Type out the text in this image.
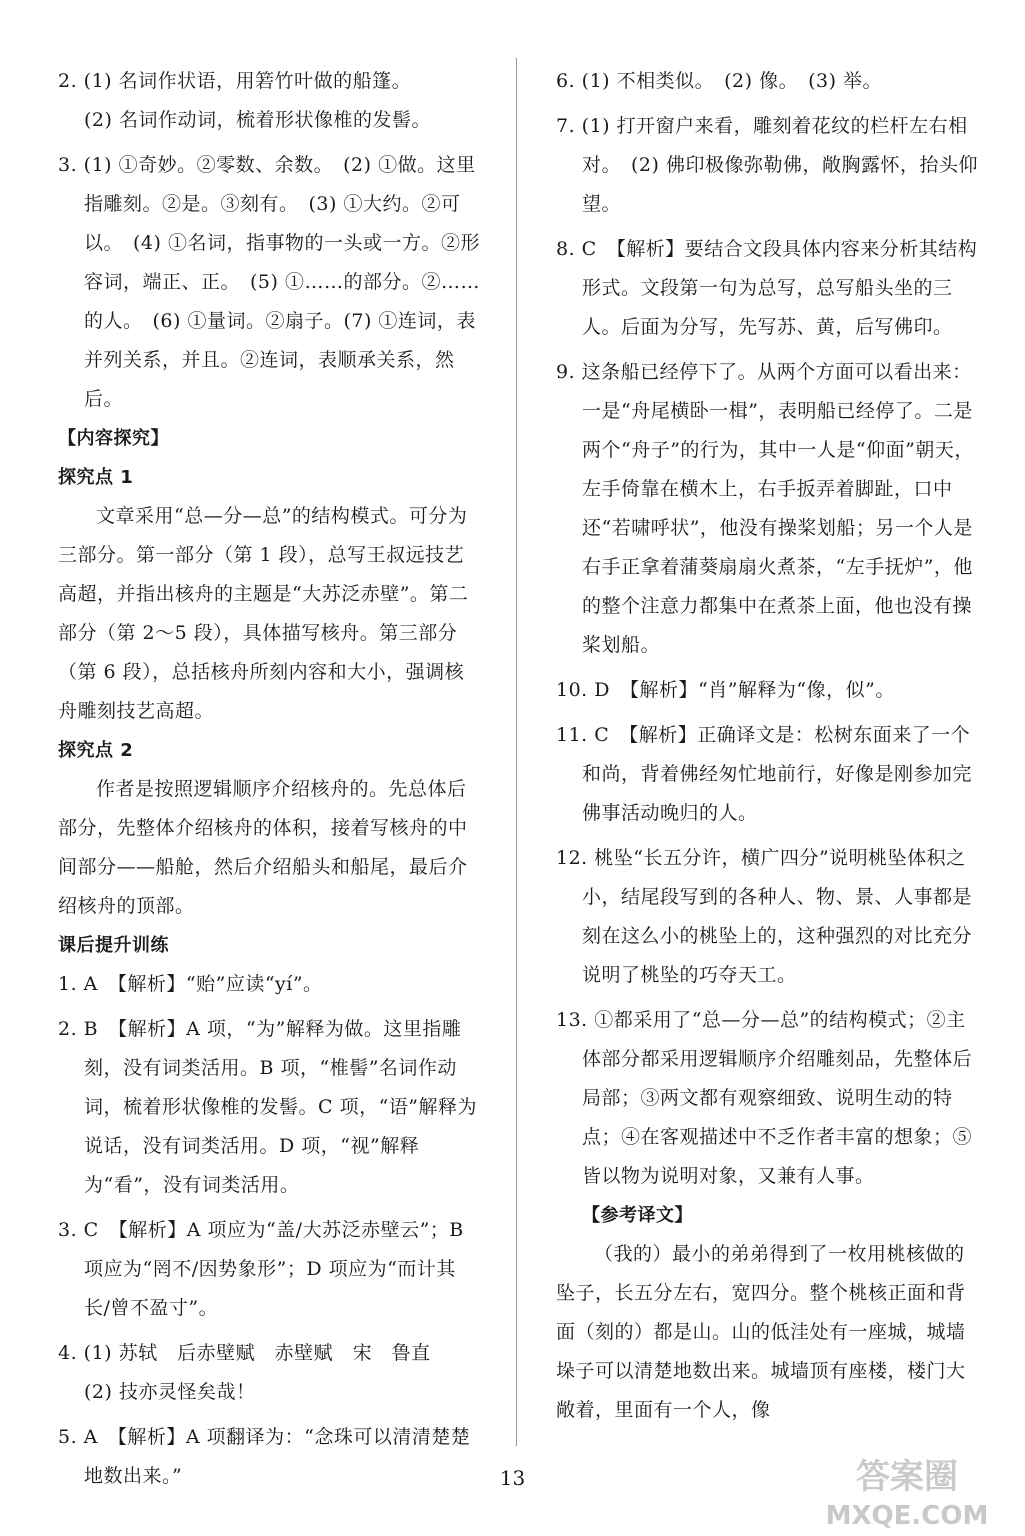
2. (1) 名词作状语，用箬竹叶做的船篷。

(2) 名词作动词，梳着形状像椎的发髻。

3. (1) ①奇妙。②零数、余数。　(2) ①做。这里指雕刻。②是。③刻有。　(3) ①大约。②可以。　(4) ①名词，指事物的一头或一方。②形容词，端正、正。　(5) ①……的部分。②……的人。　(6) ①量词。②扇子。(7) ①连词，表并列关系，并且。②连词，表顺承关系，然后。

【内容探究】

探究点 1

文章采用“总—分—总”的结构模式。可分为三部分。第一部分（第 1 段），总写王叔远技艺高超，并指出核舟的主题是“大苏泛赤壁”。第二部分（第 2～5 段），具体描写核舟。第三部分（第 6 段），总括核舟所刻内容和大小，强调核舟雕刻技艺高超。

探究点 2

作者是按照逻辑顺序介绍核舟的。先总体后部分，先整体介绍核舟的体积，接着写核舟的中间部分——船舱，然后介绍船头和船尾，最后介绍核舟的顶部。

课后提升训练

1. A　【解析】“贻”应读“yí”。

2. B　【解析】A 项，“为”解释为做。这里指雕刻，没有词类活用。B 项，“椎髻”名词作动词，梳着形状像椎的发髻。C 项，“语”解释为说话，没有词类活用。D 项，“视”解释为“看”，没有词类活用。

3. C　【解析】A 项应为“盖/大苏泛赤壁云”；B 项应为“罔不/因势象形”；D 项应为“而计其长/曾不盈寸”。

4. (1) 苏轼　后赤壁赋　赤壁赋　宋　鲁直

(2) 技亦灵怪矣哉！

5. A　【解析】A 项翻译为：“念珠可以清清楚楚地数出来。”

6. (1) 不相类似。　(2) 像。　(3) 举。

7. (1) 打开窗户来看，雕刻着花纹的栏杆左右相对。　(2) 佛印极像弥勒佛，敞胸露怀，抬头仰望。

8. C　【解析】要结合文段具体内容来分析其结构形式。文段第一句为总写，总写船头坐的三人。后面为分写，先写苏、黄，后写佛印。

9. 这条船已经停下了。从两个方面可以看出来：一是“舟尾横卧一楫”，表明船已经停了。二是两个“舟子”的行为，其中一人是“仰面”朝天，左手倚靠在横木上，右手扳弄着脚趾，口中还“若啸呼状”，他没有操桨划船；另一个人是右手正拿着蒲葵扇扇火煮茶，“左手抚炉”，他的整个注意力都集中在煮茶上面，他也没有操桨划船。

10. D　【解析】“肖”解释为“像，似”。

11. C　【解析】正确译文是：松树东面来了一个和尚，背着佛经匆忙地前行，好像是刚参加完佛事活动晚归的人。

12. 桃坠“长五分许，横广四分”说明桃坠体积之小，结尾段写到的各种人、物、景、人事都是刻在这么小的桃坠上的，这种强烈的对比充分说明了桃坠的巧夺天工。

13. ①都采用了“总—分—总”的结构模式；②主体部分都采用逻辑顺序介绍雕刻品，先整体后局部；③两文都有观察细致、说明生动的特点；④在客观描述中不乏作者丰富的想象；⑤皆以物为说明对象，又兼有人事。

【参考译文】

（我的）最小的弟弟得到了一枚用桃核做的坠子，长五分左右，宽四分。整个桃核正面和背面（刻的）都是山。山的低洼处有一座城，城墙垛子可以清楚地数出来。城墙顶有座楼，楼门大敞着，里面有一个人，像

13	答案圈
MXQE.COM
